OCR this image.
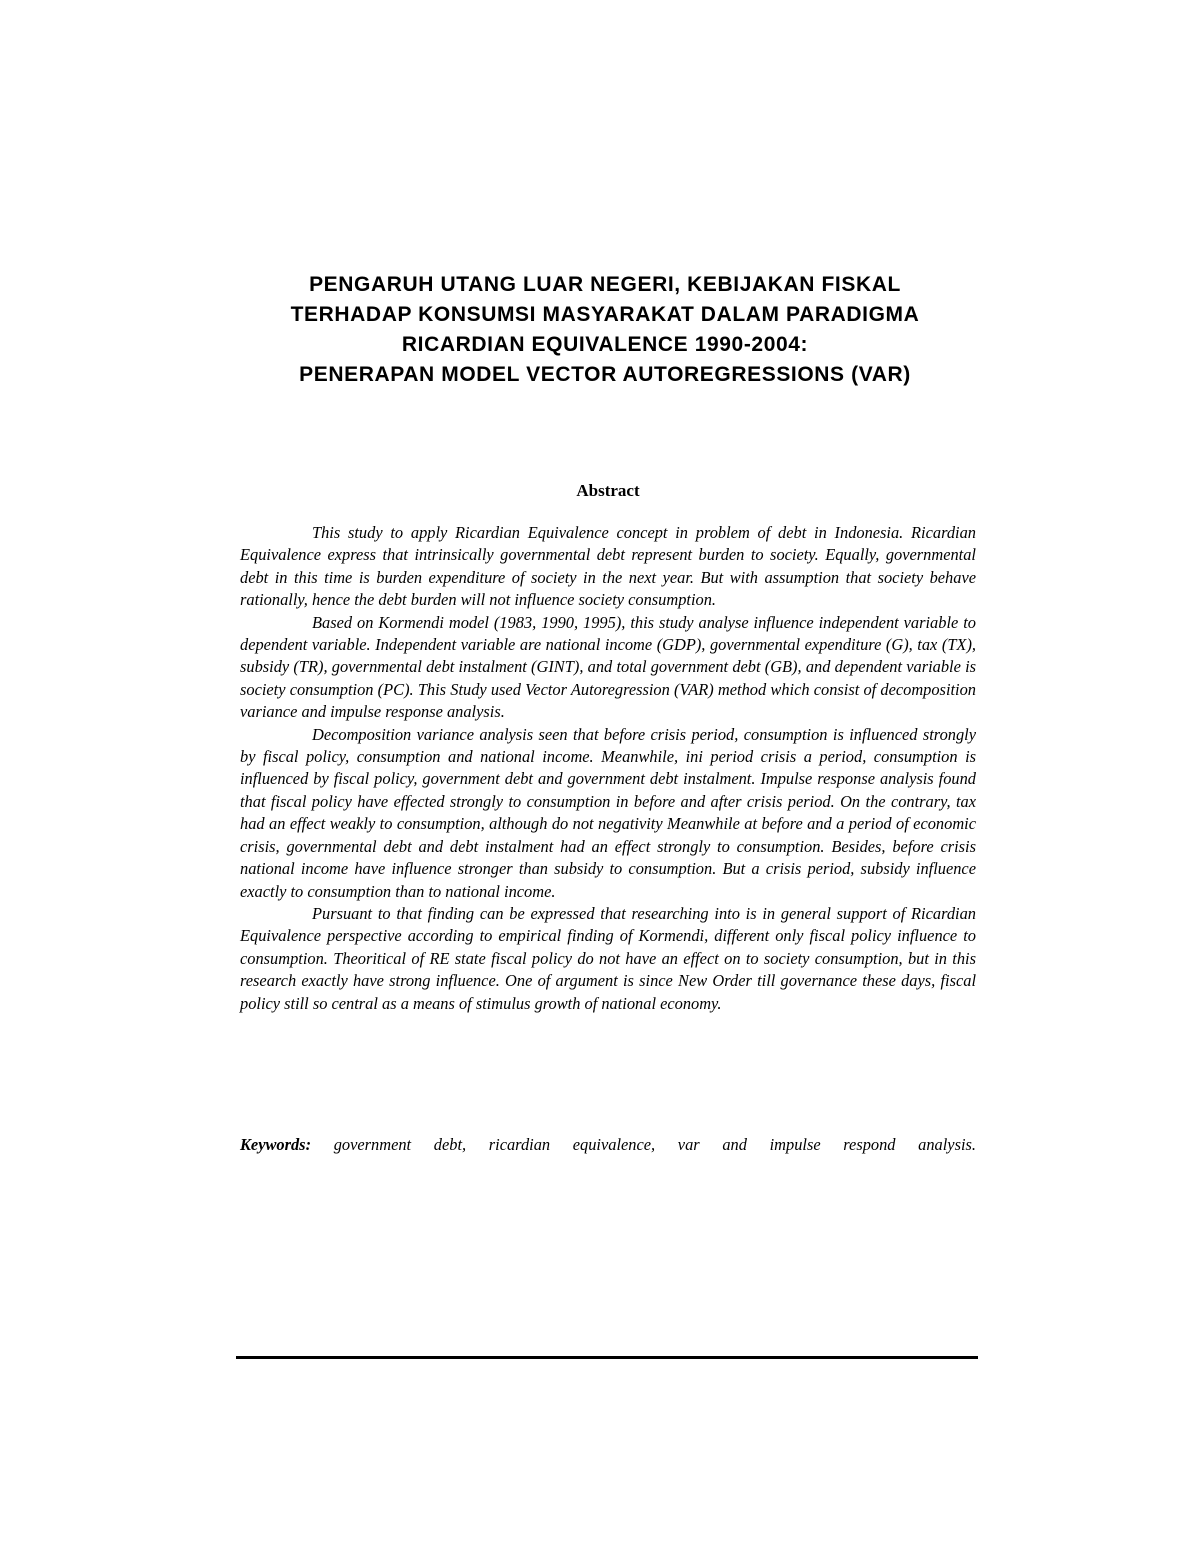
PENGARUH UTANG LUAR NEGERI, KEBIJAKAN FISKAL
TERHADAP KONSUMSI MASYARAKAT DALAM PARADIGMA
RICARDIAN EQUIVALENCE 1990-2004:
PENERAPAN MODEL VECTOR AUTOREGRESSIONS (VAR)
Abstract

This study to apply Ricardian Equivalence concept in problem of debt in Indonesia. Ricardian Equivalence express that intrinsically governmental debt represent burden to society. Equally, governmental debt in this time is burden expenditure of society in the next year. But with assumption that society behave rationally, hence the debt burden will not influence society consumption.

Based on Kormendi model (1983, 1990, 1995), this study analyse influence independent variable to dependent variable. Independent variable are national income (GDP), governmental expenditure (G), tax (TX), subsidy (TR), governmental debt instalment (GINT), and total government debt (GB), and dependent variable is society consumption (PC). This Study used Vector Autoregression (VAR) method which consist of decomposition variance and impulse response analysis.

Decomposition variance analysis seen that before crisis period, consumption is influenced strongly by fiscal policy, consumption and national income. Meanwhile, ini period crisis a period, consumption is influenced by fiscal policy, government debt and government debt instalment. Impulse response analysis found that fiscal policy have effected strongly to consumption in before and after crisis period. On the contrary, tax had an effect weakly to consumption, although do not negativity Meanwhile at before and a period of economic crisis, governmental debt and debt instalment had an effect strongly to consumption. Besides, before crisis national income have influence stronger than subsidy to consumption. But a crisis period, subsidy influence exactly to consumption than to national income.

Pursuant to that finding can be expressed that researching into is in general support of Ricardian Equivalence perspective according to empirical finding of Kormendi, different only fiscal policy influence to consumption. Theoritical of RE state fiscal policy do not have an effect on to society consumption, but in this research exactly have strong influence. One of argument is since New Order till governance these days, fiscal policy still so central as a means of stimulus growth of national economy.

Keywords: government debt, ricardian equivalence, var and impulse respond analysis.
